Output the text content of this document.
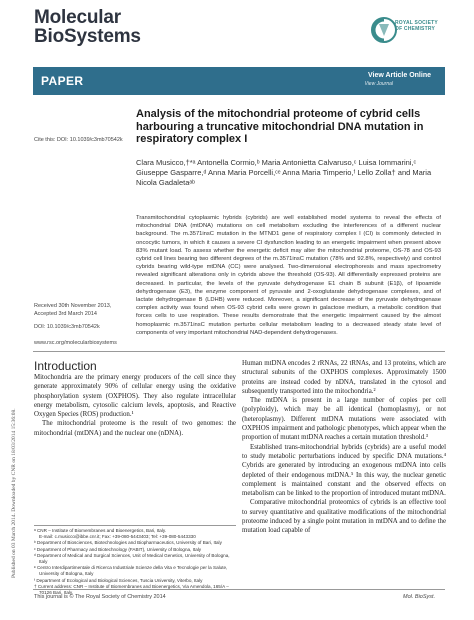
Molecular
BioSystems
ROYAL SOCIETY
OF CHEMISTRY
PAPER	View Article Online
View Journal
Published on 03 March 2014. Downloaded by CNR on 18/03/2014 15:36:08.
Cite this: DOI: 10.1039/c3mb70542k
Analysis of the mitochondrial proteome of cybrid cells harbouring a truncative mitochondrial DNA mutation in respiratory complex I
Clara Musicco,†*ᵃ Antonella Cormio,ᵇ Maria Antonietta Calvaruso,ᶜ Luisa Iommarini,ᶜ Giuseppe Gasparre,ᵈ Anna Maria Porcelli,ᶜᵉ Anna Maria Timperio,ᶠ Lello Zolla† and Maria Nicola Gadaletaᵃᵇ
Transmitochondrial cytoplasmic hybrids (cybrids) are well established model systems to reveal the effects of mitochondrial DNA (mtDNA) mutations on cell metabolism excluding the interferences of a different nuclear background. The m.3571insC mutation in the MTND1 gene of respiratory complex I (CI) is commonly detected in oncocytic tumors, in which it causes a severe CI dysfunction leading to an energetic impairment when present above 83% mutant load. To assess whether the energetic deficit may alter the mitochondrial proteome, OS-78 and OS-93 cybrid cell lines bearing two different degrees of the m.3571insC mutation (78% and 92.8%, respectively) and control cybrids bearing wild-type mtDNA (CC) were analysed. Two-dimensional electrophoresis and mass spectrometry revealed significant alterations only in cybrids above the threshold (OS-93). All differentially expressed proteins are decreased. In particular, the levels of the pyruvate dehydrogenase E1 chain B subunit (E1β), of lipoamide dehydrogenase (E3), the enzyme component of pyruvate and 2-oxoglutarate dehydrogenase complexes, and of lactate dehydrogenase B (LDHB) were reduced. Moreover, a significant decrease of the pyruvate dehydrogenase complex activity was found when OS-93 cybrid cells were grown in galactose medium, a metabolic condition that forces cells to use respiration. These results demonstrate that the energetic impairment caused by the almost homoplasmic m.3571insC mutation perturbs cellular metabolism leading to a decreased steady state level of components of very important mitochondrial NAD-dependent dehydrogenases.
Received 30th November 2013, Accepted 3rd March 2014
DOI: 10.1039/c3mb70542k
www.rsc.org/molecularbiosystems
Introduction

Mitochondria are the primary energy producers of the cell since they generate approximately 90% of cellular energy using the oxidative phosphorylation system (OXPHOS). They also regulate intracellular energy metabolism, cytosolic calcium levels, apoptosis, and Reactive Oxygen Species (ROS) production.¹

The mitochondrial proteome is the result of two genomes: the mitochondrial (mtDNA) and the nuclear one (nDNA).

Human mtDNA encodes 2 rRNAs, 22 tRNAs, and 13 proteins, which are structural subunits of the OXPHOS complexes. Approximately 1500 proteins are instead coded by nDNA, translated in the cytosol and subsequently transported into the mitochondria.²

The mtDNA is present in a large number of copies per cell (polyploidy), which may be all identical (homoplasmy), or not (heteroplasmy). Different mtDNA mutations were associated with OXPHOS impairment and pathologic phenotypes, which appear when the proportion of mutant mtDNA reaches a certain mutation threshold.³

Established trans-mitochondrial hybrids (cybrids) are a useful model to study metabolic perturbations induced by specific DNA mutations.⁴ Cybrids are generated by introducing an exogenous mtDNA into cells depleted of their endogenous mtDNA.⁵ In this way, the nuclear genetic complement is maintained constant and the observed effects on metabolism can be linked to the proportion of introduced mutant mtDNA.

Comparative mitochondrial proteomics of cybrids is an effective tool to survey quantitative and qualitative modifications of the mitochondrial proteome induced by a single point mutation in mtDNA and to define the mutation load capable of

ᵃ CNR – Institute of Biomembranes and Bioenergetics, Bari, Italy.
E-mail: c.musicco@ibbe.cnr.it; Fax: +39-080-5443403; Tel: +39-080-5443330
ᵇ Department of Biosciences, Biotechnologies and Biopharmaceutics, University of Bari, Italy
ᶜ Department of Pharmacy and Biotechnology (FABIT), University of Bologna, Italy
ᵈ Department of Medical and Surgical Sciences, Unit of Medical Genetics, University of Bologna, Italy
ᵉ Centro Interdipartimentale di Ricerca Industriale Scienze della Vita e Tecnologie per la Salute, University of Bologna, Italy
ᶠ Department of Ecological and Biological Sciences, Tuscia University, Viterbo, Italy
† Current address: CNR – Institute of Biomembranes and Bioenergetics, Via Amendola, 165/A – 70126 Bari, Italy.
This journal is © The Royal Society of Chemistry 2014	Mol. BioSyst.
